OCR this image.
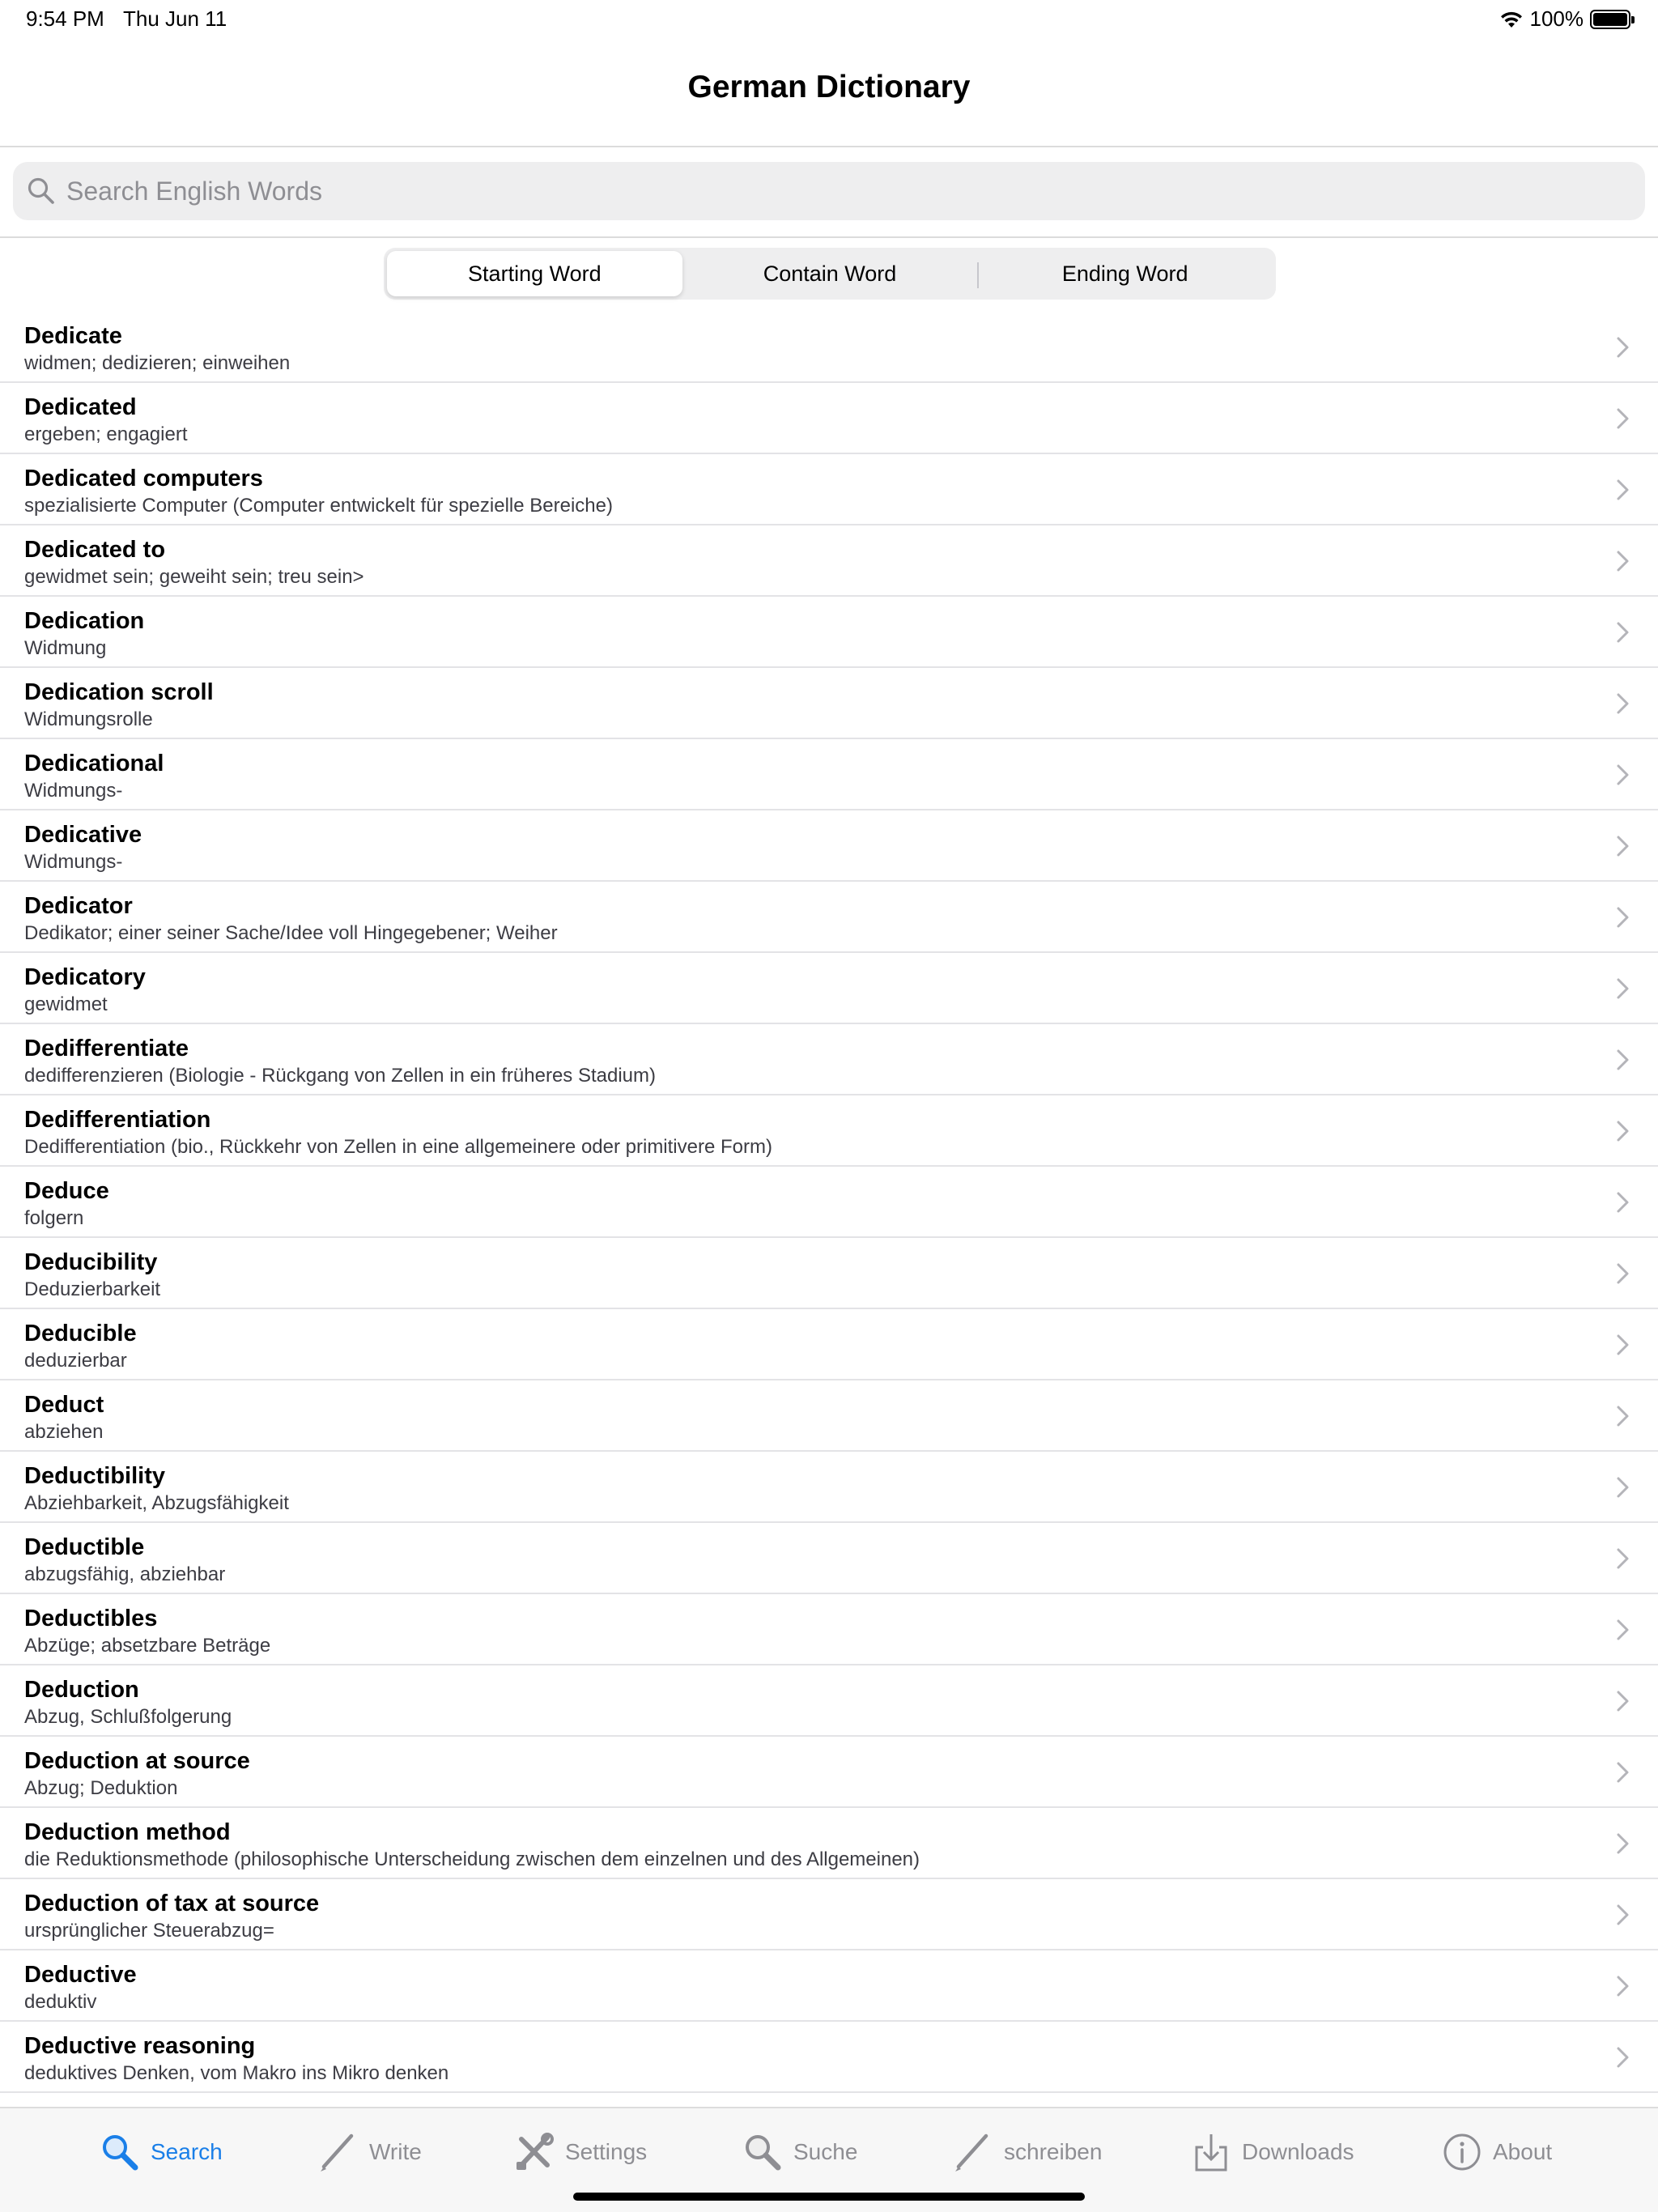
9:54 PM Thu Jun 11	100%
German Dictionary
Search English Words
Starting Word	Contain Word	Ending Word
Dedicate
widmen; dedizieren; einweihen
Dedicated
ergeben; engagiert
Dedicated computers
spezialisierte Computer (Computer entwickelt für spezielle Bereiche)
Dedicated to
gewidmet sein; geweiht sein; treu sein>
Dedication
Widmung
Dedication scroll
Widmungsrolle
Dedicational
Widmungs-
Dedicative
Widmungs-
Dedicator
Dedikator; einer seiner Sache/Idee voll Hingegebener; Weiher
Dedicatory
gewidmet
Dedifferentiate
dedifferenzieren (Biologie - Rückgang von Zellen in ein früheres Stadium)
Dedifferentiation
Dedifferentiation (bio., Rückkehr von Zellen in eine allgemeinere oder primitivere Form)
Deduce
folgern
Deducibility
Deduzierbarkeit
Deducible
deduzierbar
Deduct
abziehen
Deductibility
Abziehbarkeit, Abzugsfähigkeit
Deductible
abzugsfähig, abziehbar
Deductibles
Abzüge; absetzbare Beträge
Deduction
Abzug, Schlußfolgerung
Deduction at source
Abzug; Deduktion
Deduction method
die Reduktionsmethode (philosophische Unterscheidung zwischen dem einzelnen und des Allgemeinen)
Deduction of tax at source
ursprünglicher Steuerabzug=
Deductive
deduktiv
Deductive reasoning
deduktives Denken, vom Makro ins Mikro denken
Search	Write	Settings	Suche	schreiben	Downloads	About
